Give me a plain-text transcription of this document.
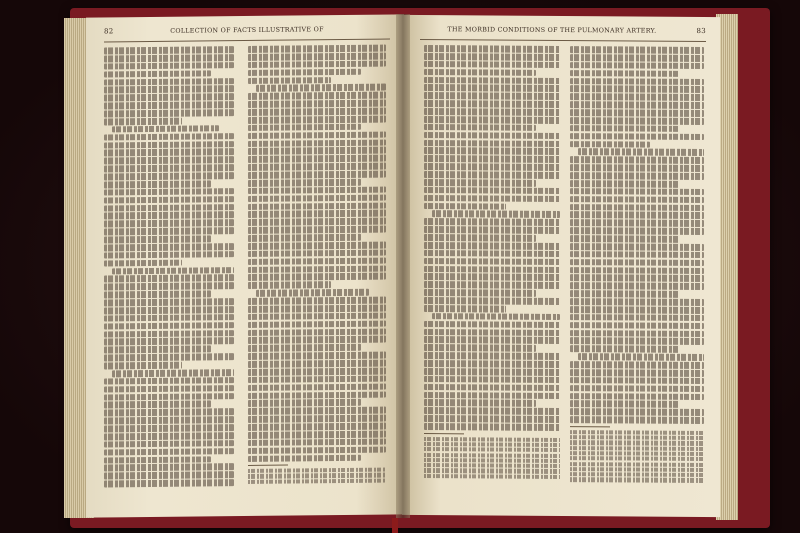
82	COLLECTION OF FACTS ILLUSTRATIVE OF	THE MORBID CONDITIONS OF THE PULMONARY ARTERY.	83
